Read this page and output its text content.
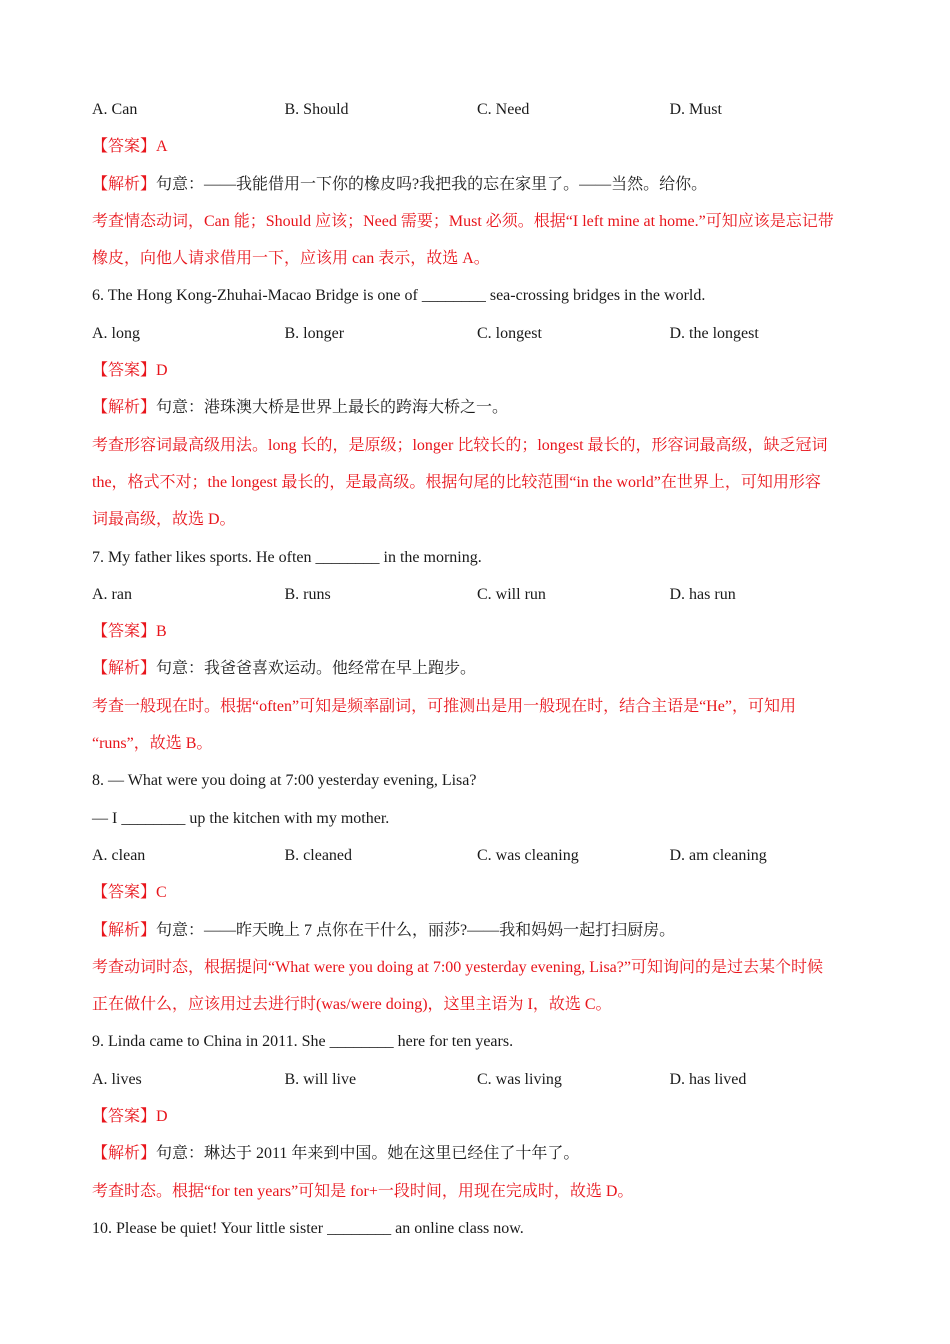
A. Can	B. Should	C. Need	D. Must
【答案】A
【解析】句意：——我能借用一下你的橡皮吗?我把我的忘在家里了。——当然。给你。
考查情态动词，Can 能；Should 应该；Need 需要；Must 必须。根据“I left mine at home.”可知应该是忘记带
橡皮，向他人请求借用一下，应该用 can 表示，故选 A。
6. The Hong Kong-Zhuhai-Macao Bridge is one of ________ sea-crossing bridges in the world.
A. long	B. longer	C. longest	D. the longest
【答案】D
【解析】句意：港珠澳大桥是世界上最长的跨海大桥之一。
考查形容词最高级用法。long 长的，是原级；longer 比较长的；longest 最长的，形容词最高级，缺乏冠词
the，格式不对；the longest 最长的，是最高级。根据句尾的比较范围“in the world”在世界上，可知用形容
词最高级，故选 D。
7. My father likes sports. He often ________ in the morning.
A. ran	B. runs	C. will run	D. has run
【答案】B
【解析】句意：我爸爸喜欢运动。他经常在早上跑步。
考查一般现在时。根据“often”可知是频率副词，可推测出是用一般现在时，结合主语是“He”，可知用
“runs”，故选 B。
8. — What were you doing at 7:00 yesterday evening, Lisa?
— I ________ up the kitchen with my mother.
A. clean	B. cleaned	C. was cleaning	D. am cleaning
【答案】C
【解析】句意：——昨天晚上 7 点你在干什么，丽莎?——我和妈妈一起打扫厨房。
考查动词时态，根据提问“What were you doing at 7:00 yesterday evening, Lisa?”可知询问的是过去某个时候
正在做什么，应该用过去进行时(was/were doing)，这里主语为 I，故选 C。
9. Linda came to China in 2011. She ________ here for ten years.
A. lives	B. will live	C. was living	D. has lived
【答案】D
【解析】句意：琳达于 2011 年来到中国。她在这里已经住了十年了。
考查时态。根据“for ten years”可知是 for+一段时间，用现在完成时，故选 D。
10. Please be quiet! Your little sister ________ an online class now.
